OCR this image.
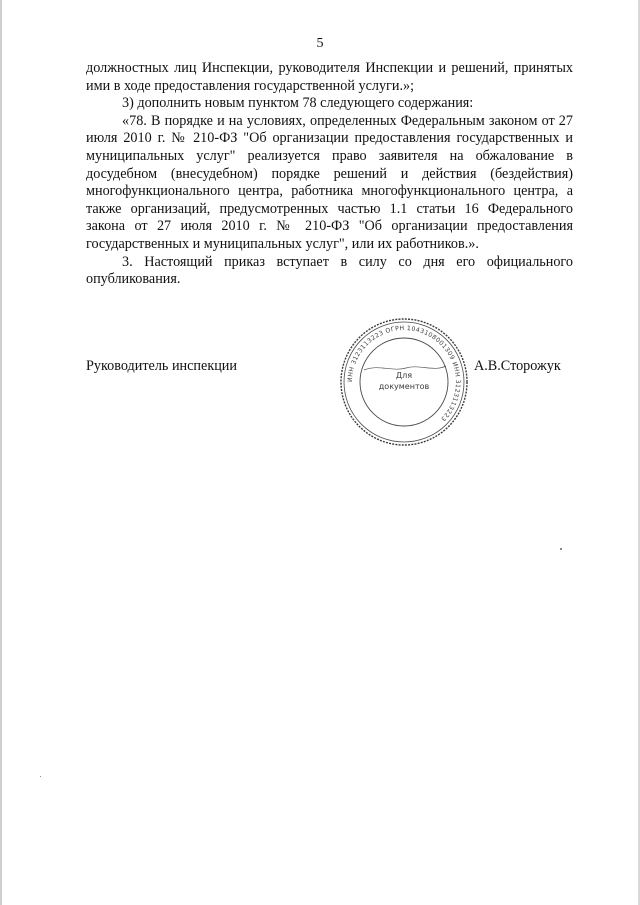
5

должностных лиц Инспекции, руководителя Инспекции и решений, принятых ими в ходе предоставления государственной услуги.»;

3) дополнить новым пунктом 78 следующего содержания:

«78. В порядке и на условиях, определенных Федеральным законом от 27 июля 2010 г. № 210-ФЗ "Об организации предоставления государственных и муниципальных услуг" реализуется право заявителя на обжалование в досудебном (внесудебном) порядке решений и действия (бездействия) многофункционального центра, работника многофункционального центра, а также организаций, предусмотренных частью 1.1 статьи 16 Федерального закона от 27 июля 2010 г. № 210-ФЗ "Об организации предоставления государственных и муниципальных услуг", или их работников.».

3. Настоящий приказ вступает в силу со дня его официального опубликования.

Руководитель инспекции
ИНН 3123113223 ОГРН 1043108001309 ИНН 3123113223
Для
документов
А.В.Сторожук
